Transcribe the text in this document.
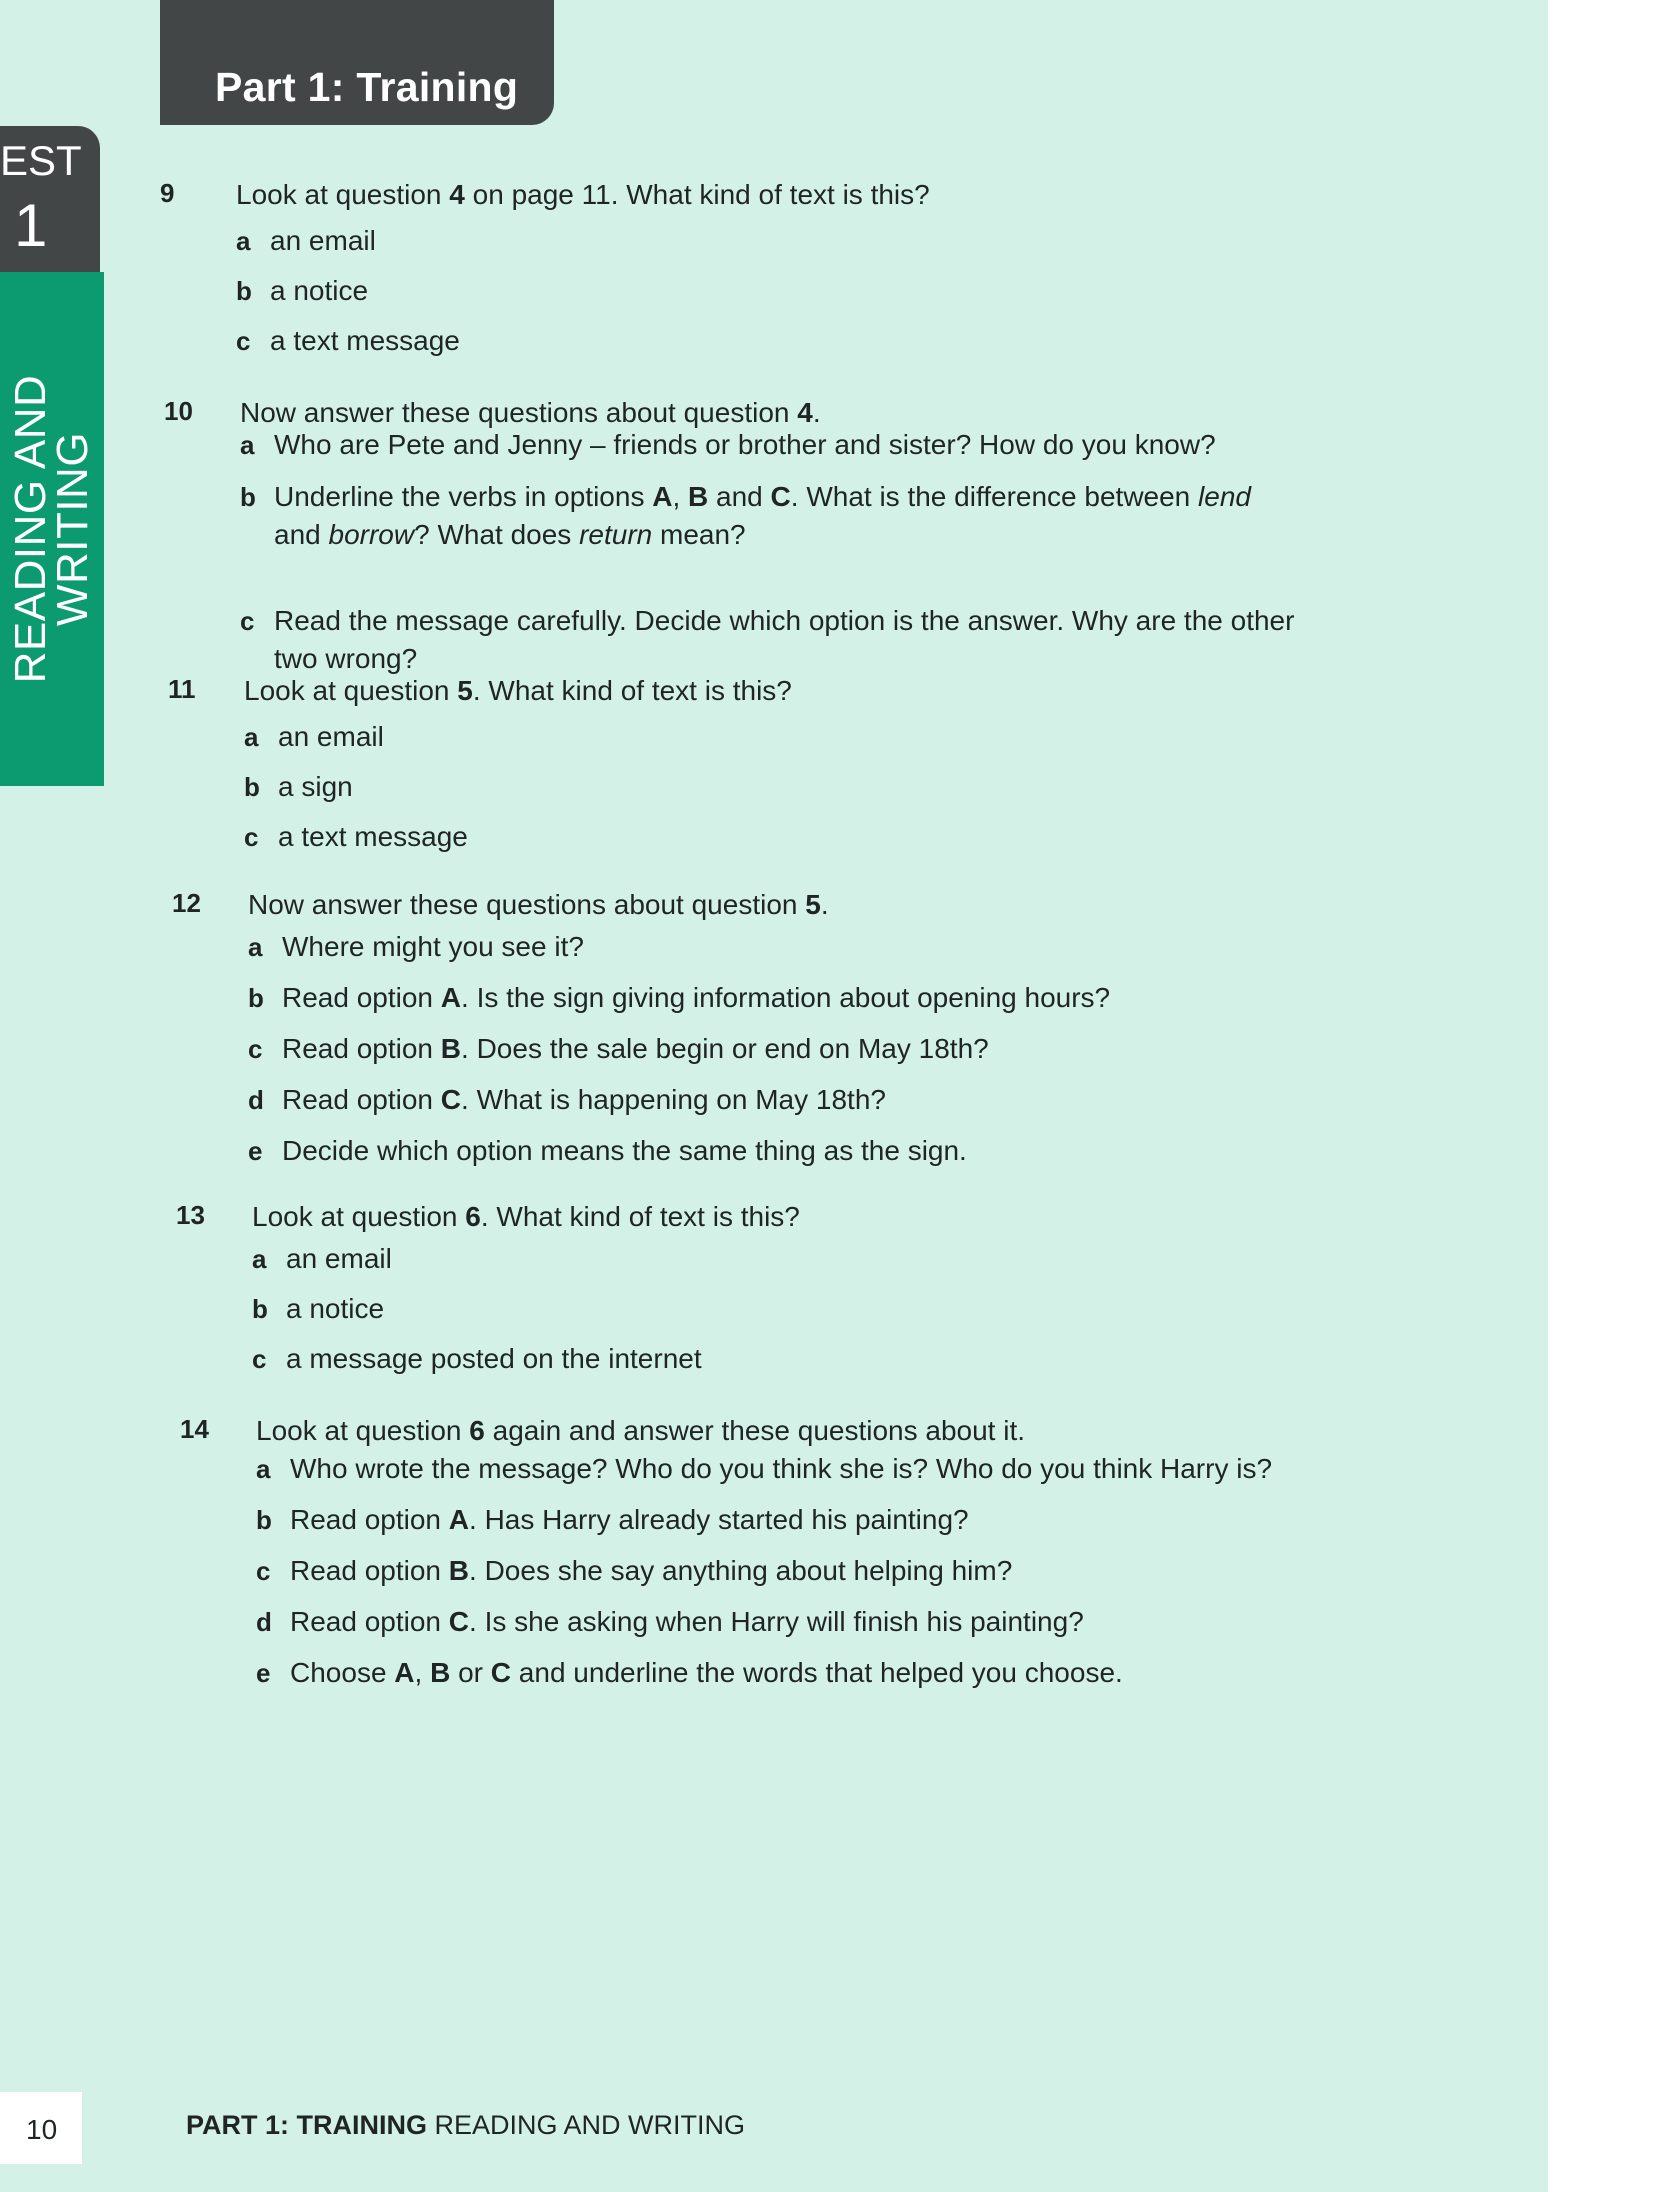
Part 1: Training
EST
1
READING AND
WRITING
9 Look at question 4 on page 11. What kind of text is this?

a an email
b a notice
c a text message
10 Now answer these questions about question 4.

a Who are Pete and Jenny – friends or brother and sister? How do you know?
b Underline the verbs in options A, B and C. What is the difference between lend and borrow? What does return mean?
c Read the message carefully. Decide which option is the answer. Why are the other two wrong?
11 Look at question 5. What kind of text is this?

a an email
b a sign
c a text message
12 Now answer these questions about question 5.

a Where might you see it?
b Read option A. Is the sign giving information about opening hours?
c Read option B. Does the sale begin or end on May 18th?
d Read option C. What is happening on May 18th?
e Decide which option means the same thing as the sign.
13 Look at question 6. What kind of text is this?

a an email
b a notice
c a message posted on the internet
14 Look at question 6 again and answer these questions about it.

a Who wrote the message? Who do you think she is? Who do you think Harry is?
b Read option A. Has Harry already started his painting?
c Read option B. Does she say anything about helping him?
d Read option C. Is she asking when Harry will finish his painting?
e Choose A, B or C and underline the words that helped you choose.
10	PART 1: TRAINING READING AND WRITING
